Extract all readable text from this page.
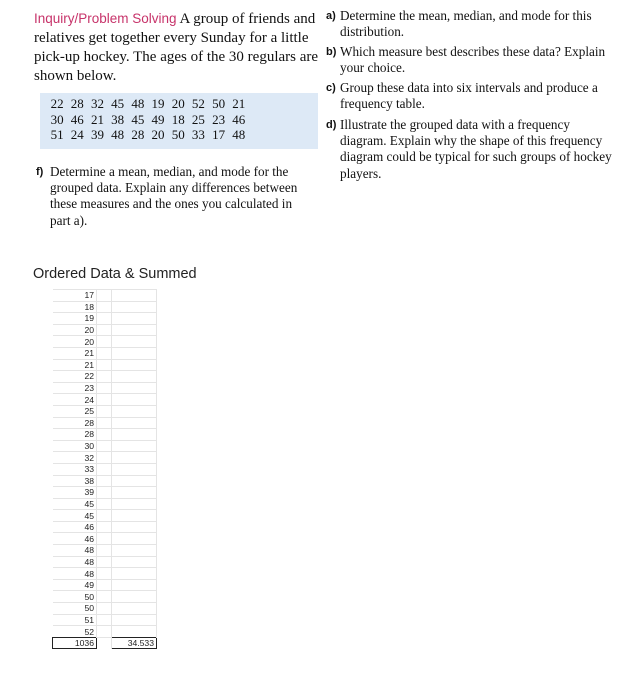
Inquiry/Problem Solving A group of friends and relatives get together every Sunday for a little pick-up hockey. The ages of the 30 regulars are shown below.
22	28	32	45	48	19	20	52	50	21
30	46	21	38	45	49	18	25	23	46
51	24	39	48	28	20	50	33	17	48
a) Determine the mean, median, and mode for this distribution.
b) Which measure best describes these data? Explain your choice.
c) Group these data into six intervals and produce a frequency table.
d) Illustrate the grouped data with a frequency diagram. Explain why the shape of this frequency diagram could be typical for such groups of hockey players.
f) Determine a mean, median, and mode for the grouped data. Explain any differences between these measures and the ones you calculated in part a).
Ordered Data & Summed
17		
18		
19		
20		
20		
21		
21		
22		
23		
24		
25		
28		
28		
30		
32		
33		
38		
39		
45		
45		
46		
46		
48		
48		
48		
49		
50		
50		
51		
52		
1036		34.533
